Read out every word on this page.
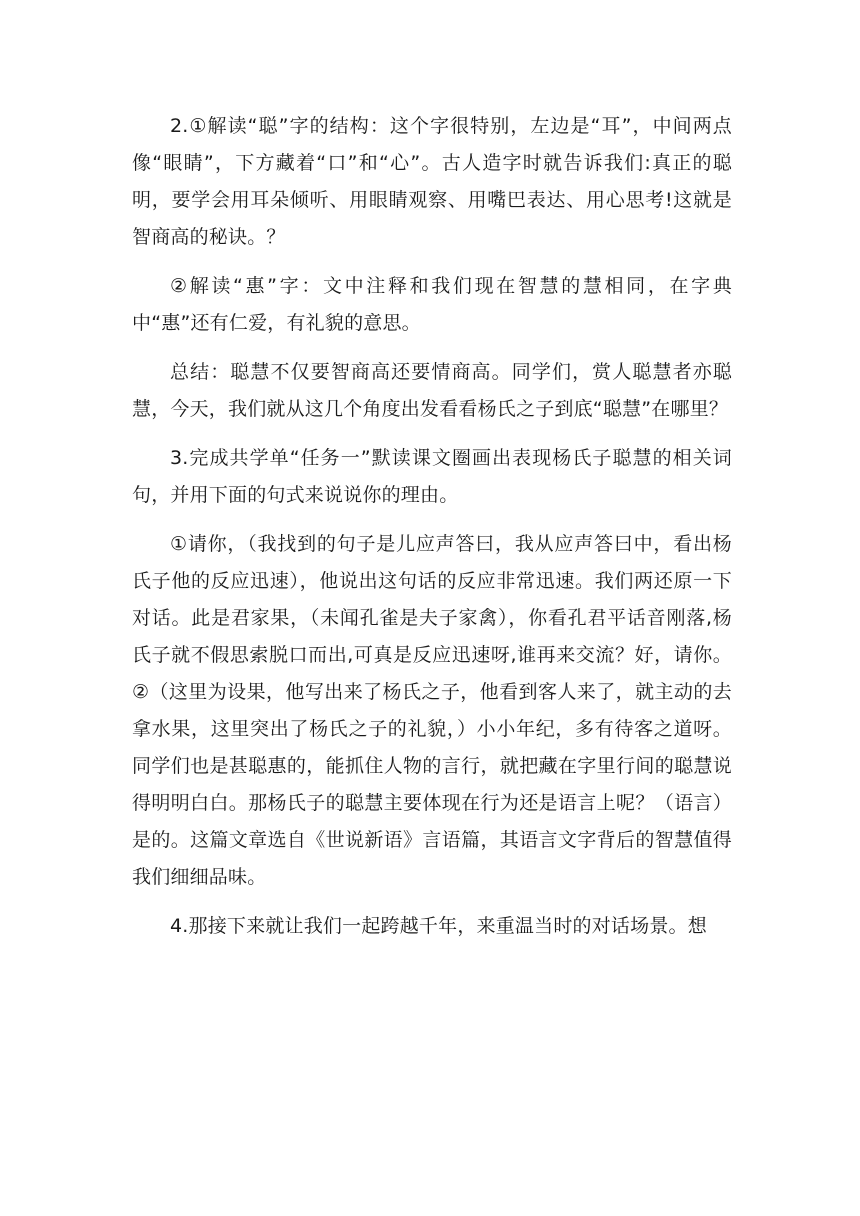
2.①解读“聪”字的结构：这个字很特别，左边是“耳”，中间两点像“眼睛”，下方藏着“口”和“心”。古人造字时就告诉我们:真正的聪明，要学会用耳朵倾听、用眼睛观察、用嘴巴表达、用心思考!这就是智商高的秘诀。？

②解读“惠”字：文中注释和我们现在智慧的慧相同，在字典中“惠”还有仁爱，有礼貌的意思。

总结：聪慧不仅要智商高还要情商高。同学们，赏人聪慧者亦聪慧，今天，我们就从这几个角度出发看看杨氏之子到底“聪慧”在哪里？

3.完成共学单“任务一”默读课文圈画出表现杨氏子聪慧的相关词句，并用下面的句式来说说你的理由。

①请你，（我找到的句子是儿应声答曰，我从应声答曰中，看出杨氏子他的反应迅速），他说出这句话的反应非常迅速。我们两还原一下对话。此是君家果，（未闻孔雀是夫子家禽），你看孔君平话音刚落,杨氏子就不假思索脱口而出,可真是反应迅速呀,谁再来交流？好，请你。②（这里为设果，他写出来了杨氏之子，他看到客人来了，就主动的去拿水果，这里突出了杨氏之子的礼貌，）小小年纪，多有待客之道呀。同学们也是甚聪惠的，能抓住人物的言行，就把藏在字里行间的聪慧说得明明白白。那杨氏子的聪慧主要体现在行为还是语言上呢？（语言）是的。这篇文章选自《世说新语》言语篇，其语言文字背后的智慧值得我们细细品味。

4.那接下来就让我们一起跨越千年，来重温当时的对话场景。想
